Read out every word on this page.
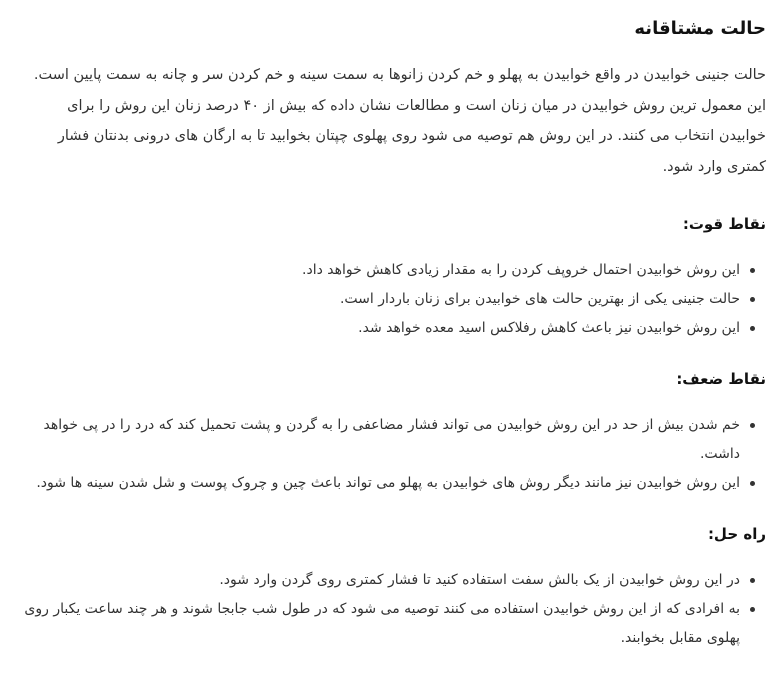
حالت مشتاقانه

حالت جنینی خوابیدن در واقع خوابیدن به پهلو و خم کردن زانوها به سمت سینه و خم کردن سر و چانه به سمت پایین است. این معمول ترین روش خوابیدن در میان زنان است و مطالعات نشان داده که بیش از ۴۰ درصد زنان این روش را برای خوابیدن انتخاب می کنند. در این روش هم توصیه می شود روی پهلوی چپتان بخوابید تا به ارگان های درونی بدنتان فشار کمتری وارد شود.

نقاط قوت:
این روش خوابیدن احتمال خروپف کردن را به مقدار زیادی کاهش خواهد داد.
حالت جنینی یکی از بهترین حالت های خوابیدن برای زنان باردار است.
این روش خوابیدن نیز باعث کاهش رفلاکس اسید معده خواهد شد.
نقاط ضعف:
خم شدن بیش از حد در این روش خوابیدن می تواند فشار مضاعفی را به گردن و پشت تحمیل کند که درد را در پی خواهد داشت.
این روش خوابیدن نیز مانند دیگر روش های خوابیدن به پهلو می تواند باعث چین و چروک پوست و شل شدن سینه ها شود.
راه حل:
در این روش خوابیدن از یک بالش سفت استفاده کنید تا فشار کمتری روی گردن وارد شود.
به افرادی که از این روش خوابیدن استفاده می کنند توصیه می شود که در طول شب جابجا شوند و هر چند ساعت یکبار روی پهلوی مقابل بخوابند.
